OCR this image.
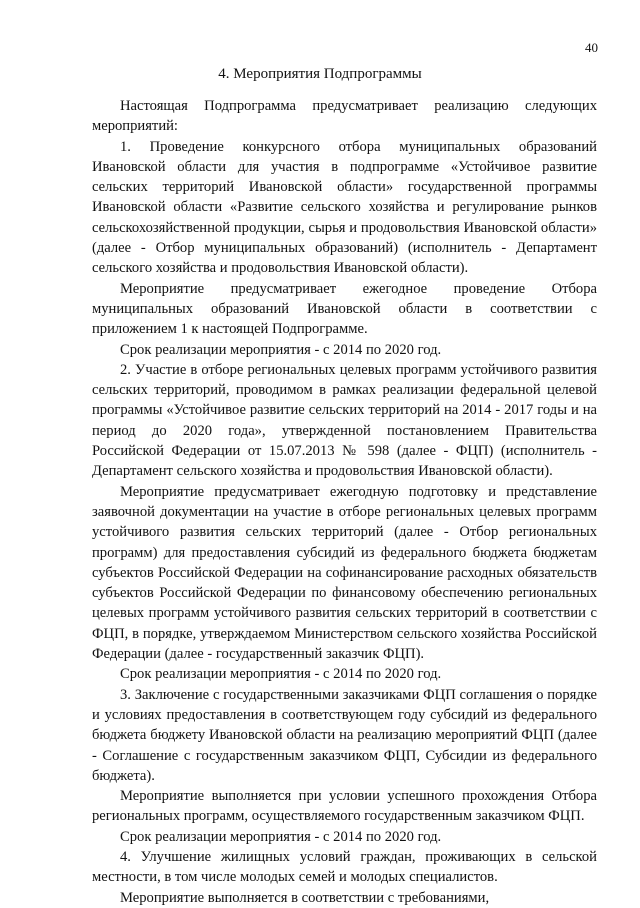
40
4. Мероприятия Подпрограммы

Настоящая Подпрограмма предусматривает реализацию следующих мероприятий:

1. Проведение конкурсного отбора муниципальных образований Ивановской области для участия в подпрограмме «Устойчивое развитие сельских территорий Ивановской области» государственной программы Ивановской области «Развитие сельского хозяйства и регулирование рынков сельскохозяйственной продукции, сырья и продовольствия Ивановской области» (далее - Отбор муниципальных образований) (исполнитель - Департамент сельского хозяйства и продовольствия Ивановской области).

Мероприятие предусматривает ежегодное проведение Отбора муниципальных образований Ивановской области в соответствии с приложением 1 к настоящей Подпрограмме.

Срок реализации мероприятия - с 2014 по 2020 год.

2. Участие в отборе региональных целевых программ устойчивого развития сельских территорий, проводимом в рамках реализации федеральной целевой программы «Устойчивое развитие сельских территорий на 2014 - 2017 годы и на период до 2020 года», утвержденной постановлением Правительства Российской Федерации от 15.07.2013 № 598 (далее - ФЦП) (исполнитель - Департамент сельского хозяйства и продовольствия Ивановской области).

Мероприятие предусматривает ежегодную подготовку и представление заявочной документации на участие в отборе региональных целевых программ устойчивого развития сельских территорий (далее - Отбор региональных программ) для предоставления субсидий из федерального бюджета бюджетам субъектов Российской Федерации на софинансирование расходных обязательств субъектов Российской Федерации по финансовому обеспечению региональных целевых программ устойчивого развития сельских территорий в соответствии с ФЦП, в порядке, утверждаемом Министерством сельского хозяйства Российской Федерации (далее - государственный заказчик ФЦП).

Срок реализации мероприятия - с 2014 по 2020 год.

3. Заключение с государственными заказчиками ФЦП соглашения о порядке и условиях предоставления в соответствующем году субсидий из федерального бюджета бюджету Ивановской области на реализацию мероприятий ФЦП (далее - Соглашение с государственным заказчиком ФЦП, Субсидии из федерального бюджета).

Мероприятие выполняется при условии успешного прохождения Отбора региональных программ, осуществляемого государственным заказчиком ФЦП.

Срок реализации мероприятия - с 2014 по 2020 год.

4. Улучшение жилищных условий граждан, проживающих в сельской местности, в том числе молодых семей и молодых специалистов.

Мероприятие выполняется в соответствии с требованиями,
